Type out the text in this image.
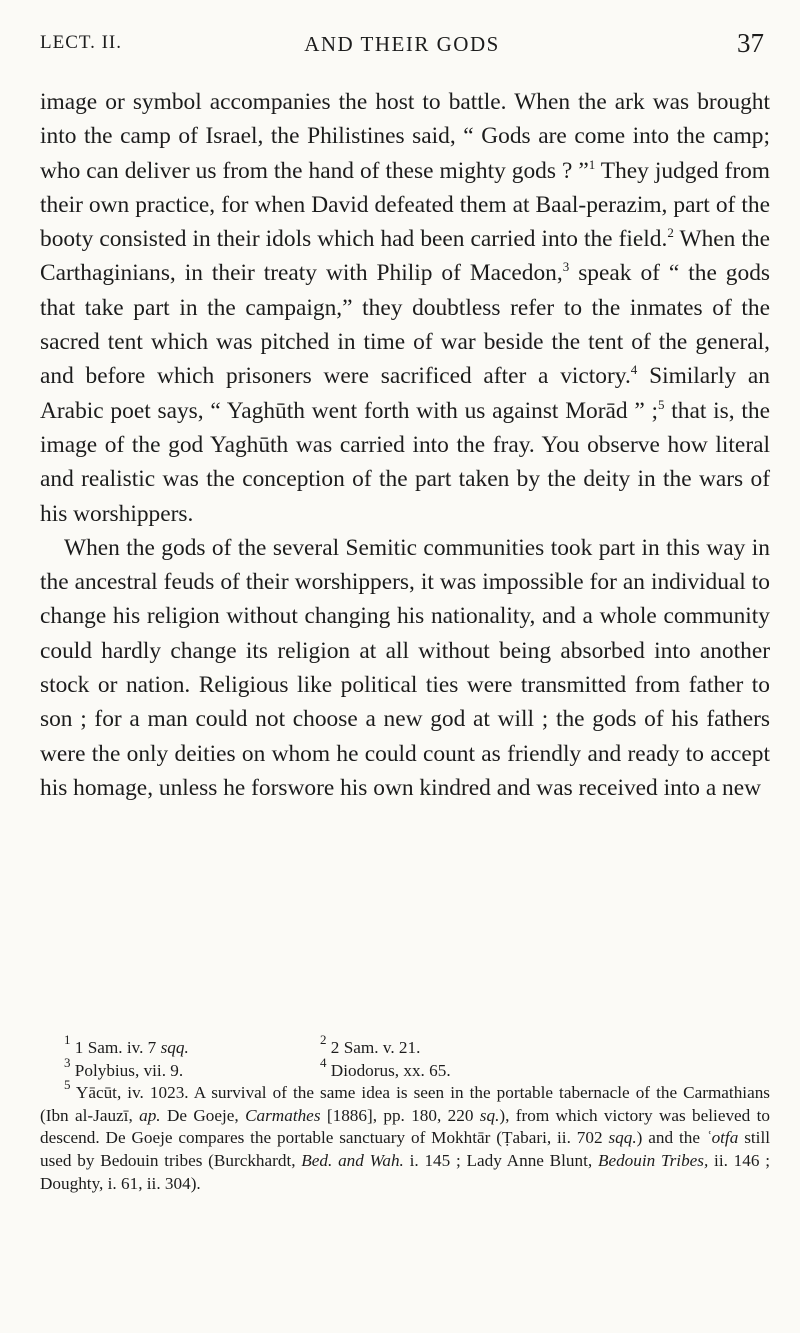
LECT. II.	AND THEIR GODS	37

image or symbol accompanies the host to battle. When the ark was brought into the camp of Israel, the Philistines said, “ Gods are come into the camp; who can deliver us from the hand of these mighty gods ? ”$^1$ They judged from their own practice, for when David defeated them at Baal-perazim, part of the booty consisted in their idols which had been carried into the field.$^2$ When the Carthaginians, in their treaty with Philip of Macedon,$^3$ speak of “ the gods that take part in the campaign,” they doubtless refer to the inmates of the sacred tent which was pitched in time of war beside the tent of the general, and before which prisoners were sacrificed after a victory.$^4$ Similarly an Arabic poet says, “ Yaghūth went forth with us against Morād ” ;$^5$ that is, the image of the god Yaghūth was carried into the fray. You observe how literal and realistic was the conception of the part taken by the deity in the wars of his worshippers.

When the gods of the several Semitic communities took part in this way in the ancestral feuds of their worshippers, it was impossible for an individual to change his religion without changing his nationality, and a whole community could hardly change its religion at all without being absorbed into another stock or nation. Religious like political ties were transmitted from father to son ; for a man could not choose a new god at will ; the gods of his fathers were the only deities on whom he could count as friendly and ready to accept his homage, unless he forswore his own kindred and was received into a new

$^1$ 1 Sam. iv. 7 sqq.	$^2$ 2 Sam. v. 21.
$^3$ Polybius, vii. 9.	$^4$ Diodorus, xx. 65.

$^5$ Yācūt, iv. 1023. A survival of the same idea is seen in the portable tabernacle of the Carmathians (Ibn al-Jauzī, ap. De Goeje, Carmathes [1886], pp. 180, 220 sq.), from which victory was believed to descend. De Goeje compares the portable sanctuary of Mokhtār (Ṭabari, ii. 702 sqq.) and the ʿotfa still used by Bedouin tribes (Burckhardt, Bed. and Wah. i. 145 ; Lady Anne Blunt, Bedouin Tribes, ii. 146 ; Doughty, i. 61, ii. 304).
